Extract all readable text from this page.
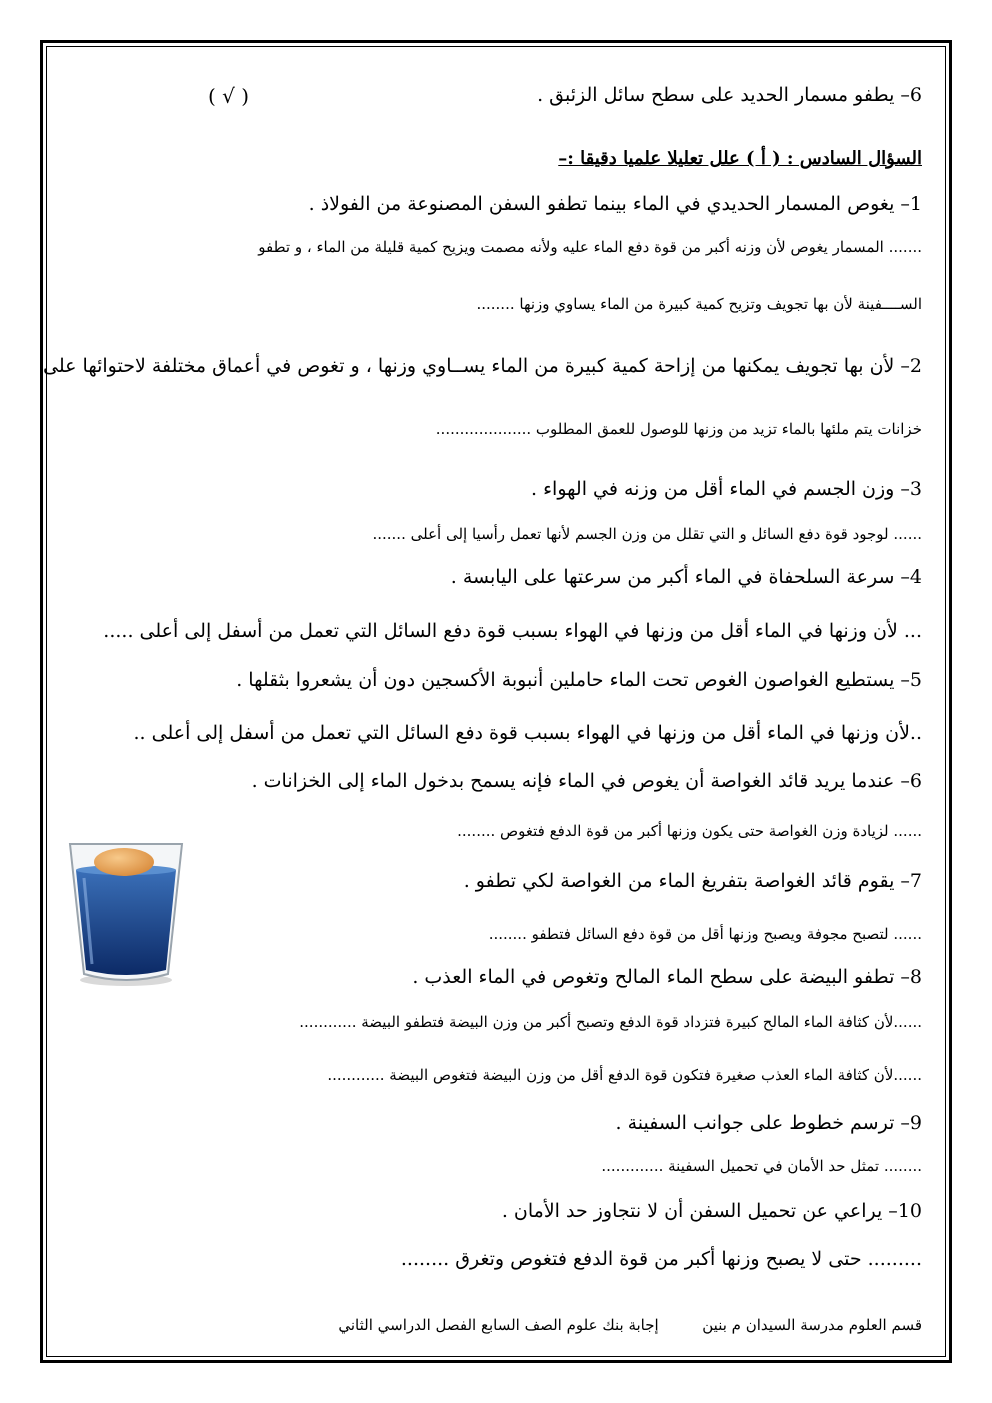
6– يطفو مسمار الحديد على سطح سائل الزئبق .
( √ )
السؤال السادس : ( أ ) علل تعليلا علميا دقيقا :–
1– يغوص المسمار الحديدي في الماء بينما تطفو السفن المصنوعة من الفولاذ .
....... المسمار يغوص لأن وزنه أكبر من قوة دفع الماء عليه ولأنه مصمت ويزيح كمية قليلة من الماء ، و تطفو
الســــفينة لأن بها تجويف وتزيح كمية كبيرة من الماء يساوي وزنها ........
2– لأن بها تجويف يمكنها من إزاحة كمية كبيرة من الماء يســاوي وزنها ، و تغوص في أعماق مختلفة لاحتوائها على
خزانات يتم ملئها بالماء تزيد من وزنها للوصول للعمق المطلوب ....................
3– وزن الجسم في الماء أقل من وزنه في الهواء .
...... لوجود قوة دفع السائل و التي تقلل من وزن الجسم لأنها تعمل رأسيا إلى أعلى .......
4– سرعة السلحفاة في الماء أكبر من سرعتها على اليابسة .
... لأن وزنها في الماء أقل من وزنها في الهواء بسبب قوة دفع السائل التي تعمل من أسفل إلى أعلى .....
5– يستطيع الغواصون الغوص تحت الماء حاملين أنبوبة الأكسجين دون أن يشعروا بثقلها .
..لأن وزنها في الماء أقل من وزنها في الهواء بسبب قوة دفع السائل التي تعمل من أسفل إلى أعلى ..
6– عندما يريد قائد الغواصة أن يغوص في الماء فإنه يسمح بدخول الماء إلى الخزانات .
...... لزيادة وزن الغواصة حتى يكون وزنها أكبر من قوة الدفع فتغوص ........
7– يقوم قائد الغواصة بتفريغ الماء من الغواصة لكي تطفو .
...... لتصبح مجوفة ويصبح وزنها أقل من قوة دفع السائل فتطفو ........
8– تطفو البيضة على سطح الماء المالح وتغوص في الماء العذب .
......لأن كثافة الماء المالح كبيرة فتزداد قوة الدفع وتصبح أكبر من وزن البيضة فتطفو البيضة ............
......لأن كثافة الماء العذب صغيرة فتكون قوة الدفع أقل من وزن البيضة فتغوص البيضة ............
9– ترسم خطوط على جوانب السفينة .
........ تمثل حد الأمان في تحميل السفينة .............
10– يراعي عن تحميل السفن أن لا نتجاوز حد الأمان .
......... حتى لا يصبح وزنها أكبر من قوة الدفع فتغوص وتغرق ........
قسم العلوم مدرسة السيدان م بنين  إجابة بنك علوم الصف السابع الفصل الدراسي الثاني
